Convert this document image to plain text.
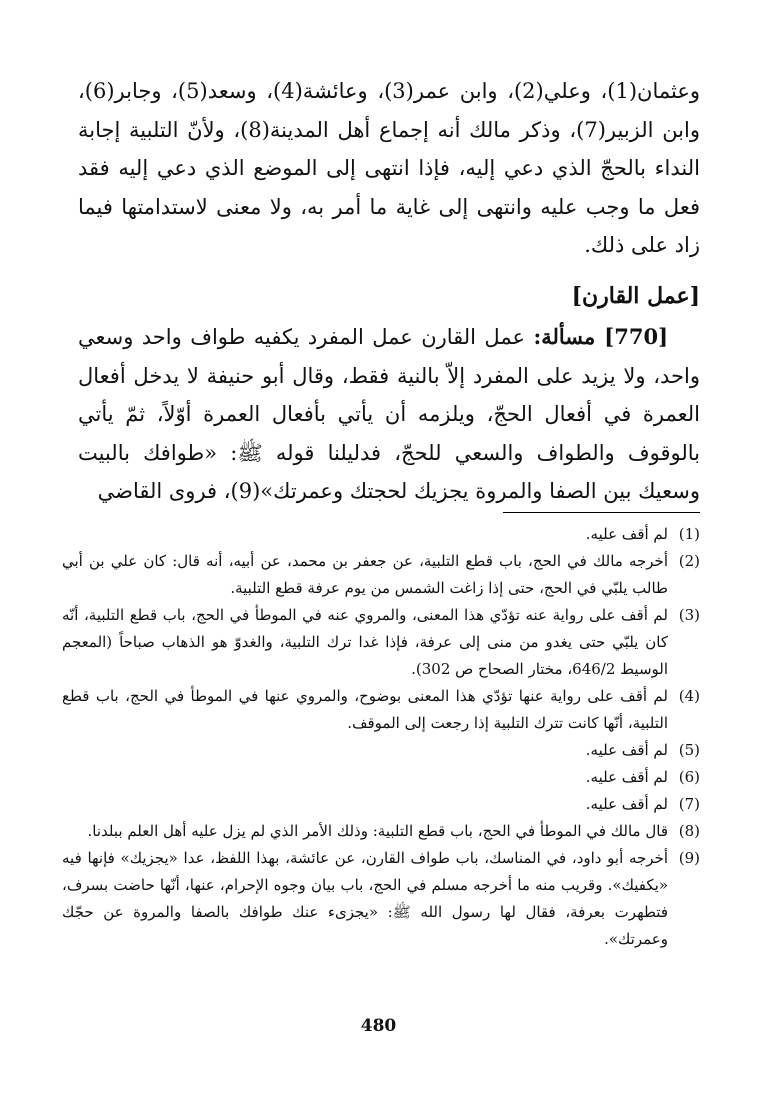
وعثمان(1)، وعلي(2)، وابن عمر(3)، وعائشة(4)، وسعد(5)، وجابر(6)، وابن الزبير(7)، وذكر مالك أنه إجماع أهل المدينة(8)، ولأنّ التلبية إجابة النداء بالحجّ الذي دعي إليه، فإذا انتهى إلى الموضع الذي دعي إليه فقد فعل ما وجب عليه وانتهى إلى غاية ما أمر به، ولا معنى لاستدامتها فيما زاد على ذلك.

[عمل القارن]

[770] مسألة: عمل القارن عمل المفرد يكفيه طواف واحد وسعي واحد، ولا يزيد على المفرد إلاّ بالنية فقط، وقال أبو حنيفة لا يدخل أفعال العمرة في أفعال الحجّ، ويلزمه أن يأتي بأفعال العمرة أوّلاً، ثمّ يأتي بالوقوف والطواف والسعي للحجّ، فدليلنا قوله ﷺ: «طوافك بالبيت وسعيك بين الصفا والمروة يجزيك لحجتك وعمرتك»(9)، فروى القاضي

(1)
لم أقف عليه.
(2)
أخرجه مالك في الحج، باب قطع التلبية، عن جعفر بن محمد، عن أبيه، أنه قال: كان علي بن أبي طالب يلبّي في الحج، حتى إذا زاغت الشمس من يوم عرفة قطع التلبية.
(3)
لم أقف على رواية عنه تؤدّي هذا المعنى، والمروي عنه في الموطأ في الحج، باب قطع التلبية، أنّه كان يلبّي حتى يغدو من منى إلى عرفة، فإذا غدا ترك التلبية، والغدوّ هو الذهاب صباحاً (المعجم الوسيط 646/2، مختار الصحاح ص 302).
(4)
لم أقف على رواية عنها تؤدّي هذا المعنى بوضوح، والمروي عنها في الموطأ في الحج، باب قطع التلبية، أنّها كانت تترك التلبية إذا رجعت إلى الموقف.
(5)
لم أقف عليه.
(6)
لم أقف عليه.
(7)
لم أقف عليه.
(8)
قال مالك في الموطأ في الحج، باب قطع التلبية: وذلك الأمر الذي لم يزل عليه أهل العلم ببلدنا.
(9)
أخرجه أبو داود، في المناسك، باب طواف القارن، عن عائشة، بهذا اللفظ، عدا «يجزيك» فإنها فيه «يكفيك». وقريب منه ما أخرجه مسلم في الحج، باب بيان وجوه الإحرام، عنها، أنّها حاضت بسرف، فتطهرت بعرفة، فقال لها رسول الله ﷺ: «يجزىء عنك طوافك بالصفا والمروة عن حجّك وعمرتك».
480
